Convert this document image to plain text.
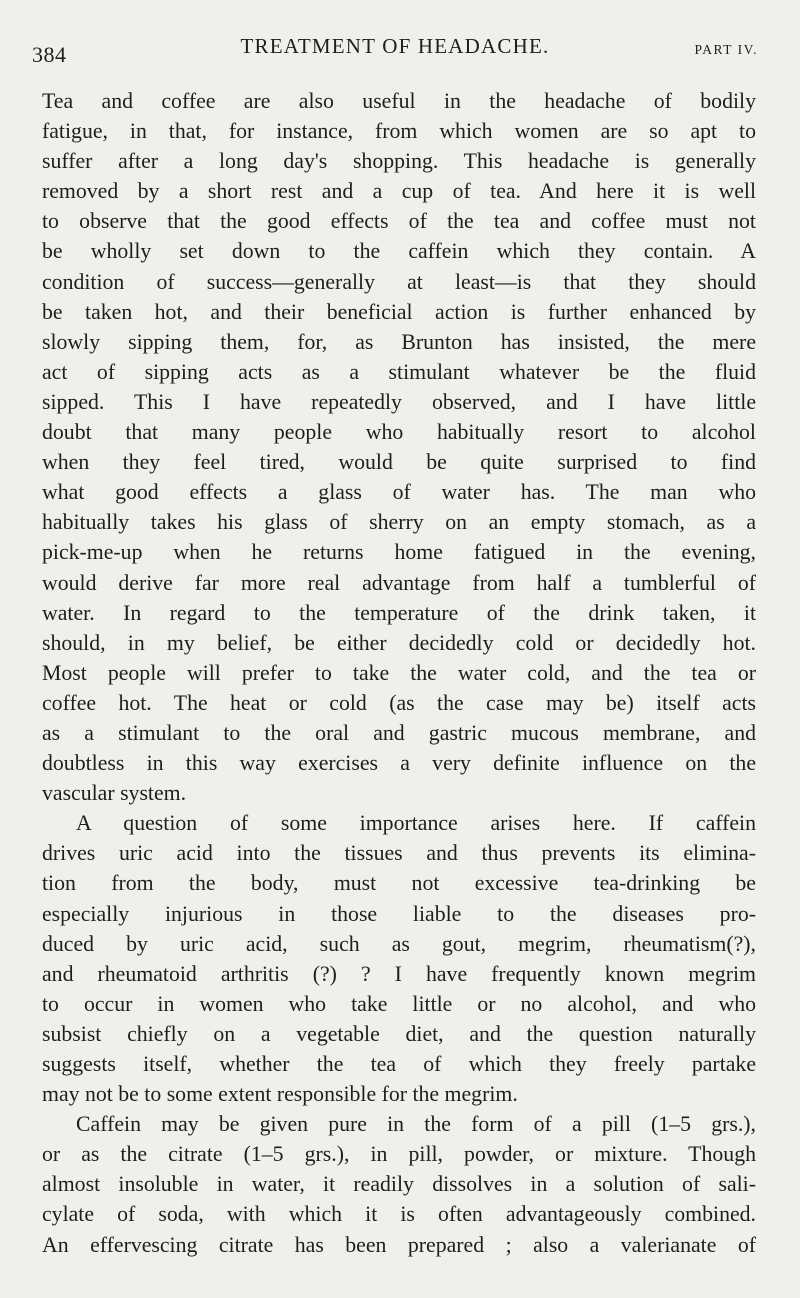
384	TREATMENT OF HEADACHE.	PART IV.

Tea and coffee are also useful in the headache of bodily
fatigue, in that, for instance, from which women are so apt to
suffer after a long day's shopping. This headache is generally
removed by a short rest and a cup of tea. And here it is well
to observe that the good effects of the tea and coffee must not
be wholly set down to the caffein which they contain. A
condition of success—generally at least—is that they should
be taken hot, and their beneficial action is further enhanced by
slowly sipping them, for, as Brunton has insisted, the mere
act of sipping acts as a stimulant whatever be the fluid
sipped. This I have repeatedly observed, and I have little
doubt that many people who habitually resort to alcohol
when they feel tired, would be quite surprised to find
what good effects a glass of water has. The man who
habitually takes his glass of sherry on an empty stomach, as a
pick-me-up when he returns home fatigued in the evening,
would derive far more real advantage from half a tumblerful of
water. In regard to the temperature of the drink taken, it
should, in my belief, be either decidedly cold or decidedly hot.
Most people will prefer to take the water cold, and the tea or
coffee hot. The heat or cold (as the case may be) itself acts
as a stimulant to the oral and gastric mucous membrane, and
doubtless in this way exercises a very definite influence on the
vascular system.

A question of some importance arises here. If caffein
drives uric acid into the tissues and thus prevents its elimina-
tion from the body, must not excessive tea-drinking be
especially injurious in those liable to the diseases pro-
duced by uric acid, such as gout, megrim, rheumatism(?),
and rheumatoid arthritis (?) ? I have frequently known megrim
to occur in women who take little or no alcohol, and who
subsist chiefly on a vegetable diet, and the question naturally
suggests itself, whether the tea of which they freely partake
may not be to some extent responsible for the megrim.

Caffein may be given pure in the form of a pill (1–5 grs.),
or as the citrate (1–5 grs.), in pill, powder, or mixture. Though
almost insoluble in water, it readily dissolves in a solution of sali-
cylate of soda, with which it is often advantageously combined.
An effervescing citrate has been prepared ; also a valerianate of
